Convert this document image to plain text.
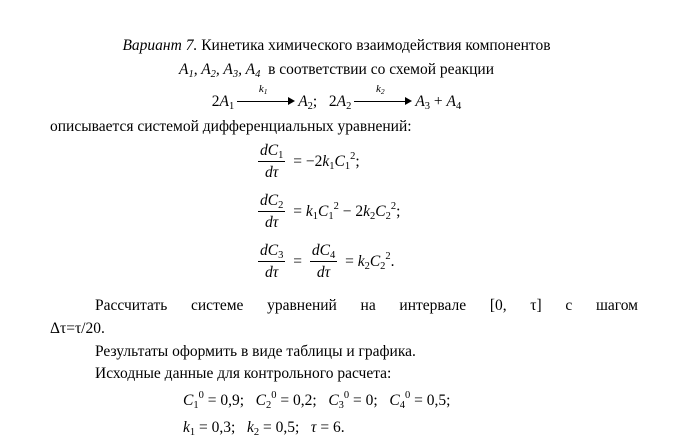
Вариант 7. Кинетика химического взаимодействия компонентов
$A_1$, $A_2$, $A_3$, $A_4$ в соответствии со схемой реакции
$2A_1$
$k_1$
$A_2$; $2A_2$
$k_2$
$A_3 + A_4$
описывается системой дифференциальных уравнений:
$\frac{dC_1}{d\tau} = -2k_1C_1^2$;
$\frac{dC_2}{d\tau} = k_1C_1^2 - 2k_2C_2^2$;
$\frac{dC_3}{d\tau} = \frac{dC_4}{d\tau} = k_2C_2^2$.
Рассчитать системе уравнений на интервале [0, τ] с шагом
Δτ=τ/20.
Результаты оформить в виде таблицы и графика.
Исходные данные для контрольного расчета:
$C_1^0 = 0,9$;   $C_2^0 = 0,2$;   $C_3^0 = 0$;   $C_4^0 = 0,5$;
$k_1 = 0,3$;   $k_2 = 0,5$;   τ = 6.
